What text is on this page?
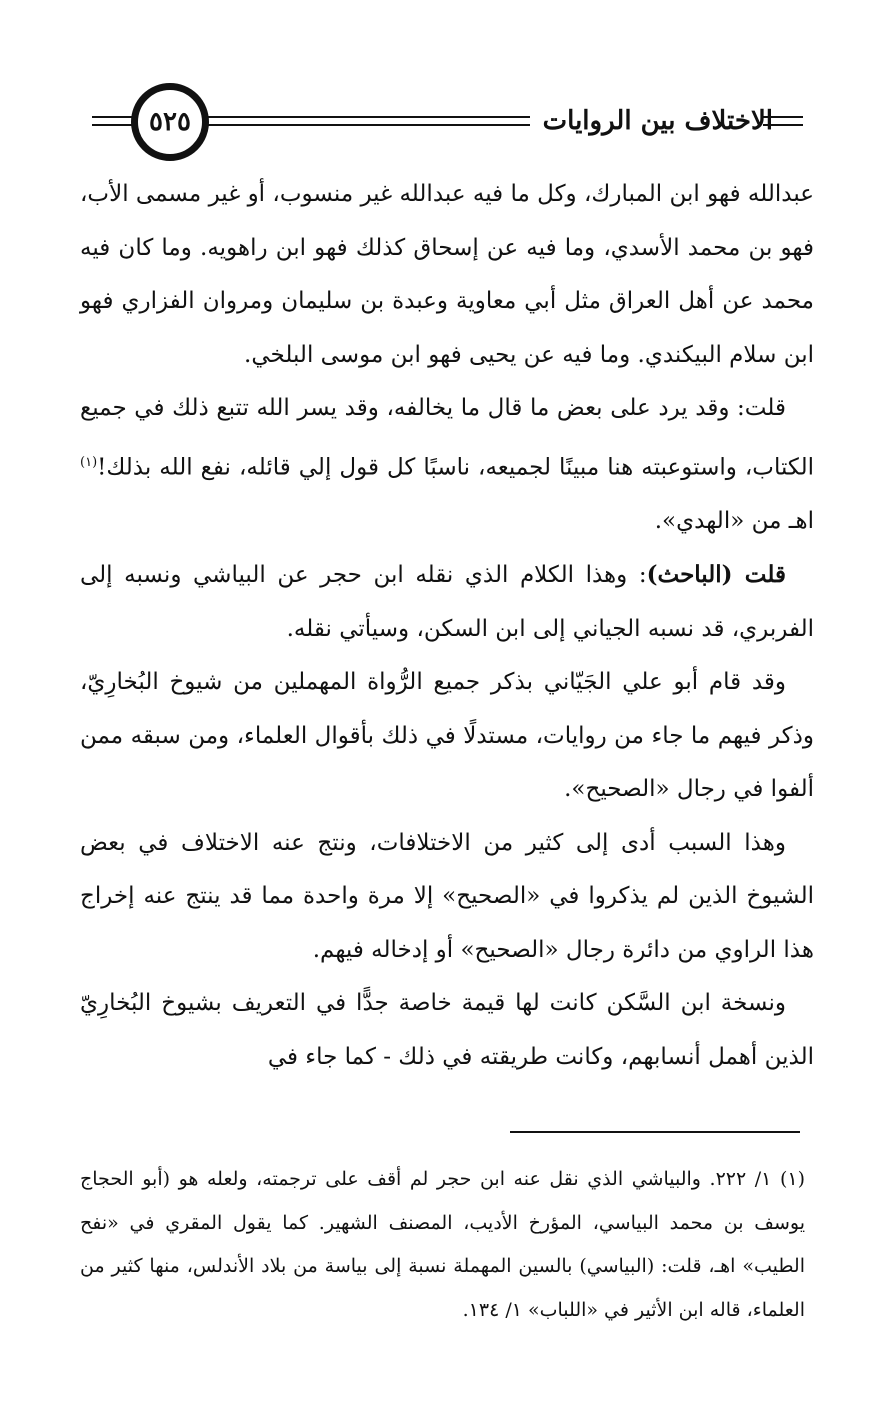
الاختلاف بين الروايات
٥٢٥

عبدالله فهو ابن المبارك، وكل ما فيه عبدالله غير منسوب، أو غير مسمى الأب، فهو بن محمد الأسدي، وما فيه عن إسحاق كذلك فهو ابن راهويه. وما كان فيه محمد عن أهل العراق مثل أبي معاوية وعبدة بن سليمان ومروان الفزاري فهو ابن سلام البيكندي. وما فيه عن يحيى فهو ابن موسى البلخي.

قلت: وقد يرد على بعض ما قال ما يخالفه، وقد يسر الله تتبع ذلك في جميع الكتاب، واستوعبته هنا مبينًا لجميعه، ناسبًا كل قول إلي قائله، نفع الله بذلك!$^{(١)}$ اهـ من «الهدي».

قلت (الباحث): وهذا الكلام الذي نقله ابن حجر عن البياشي ونسبه إلى الفربري، قد نسبه الجياني إلى ابن السكن، وسيأتي نقله.

وقد قام أبو علي الجَيّاني بذكر جميع الرُّواة المهملين من شيوخ البُخارِيّ، وذكر فيهم ما جاء من روايات، مستدلًا في ذلك بأقوال العلماء، ومن سبقه ممن ألفوا في رجال «الصحيح».

وهذا السبب أدى إلى كثير من الاختلافات، ونتج عنه الاختلاف في بعض الشيوخ الذين لم يذكروا في «الصحيح» إلا مرة واحدة مما قد ينتج عنه إخراج هذا الراوي من دائرة رجال «الصحيح» أو إدخاله فيهم.

ونسخة ابن السَّكن كانت لها قيمة خاصة جدًّا في التعريف بشيوخ البُخارِيّ الذين أهمل أنسابهم، وكانت طريقته في ذلك - كما جاء في

(١) ١/ ٢٢٢. والبياشي الذي نقل عنه ابن حجر لم أقف على ترجمته، ولعله هو (أبو الحجاج يوسف بن محمد البياسي، المؤرخ الأديب، المصنف الشهير. كما يقول المقري في «نفح الطيب» اهـ، قلت: (البياسي) بالسين المهملة نسبة إلى بياسة من بلاد الأندلس، منها كثير من العلماء، قاله ابن الأثير في «اللباب» ١/ ١٣٤.
